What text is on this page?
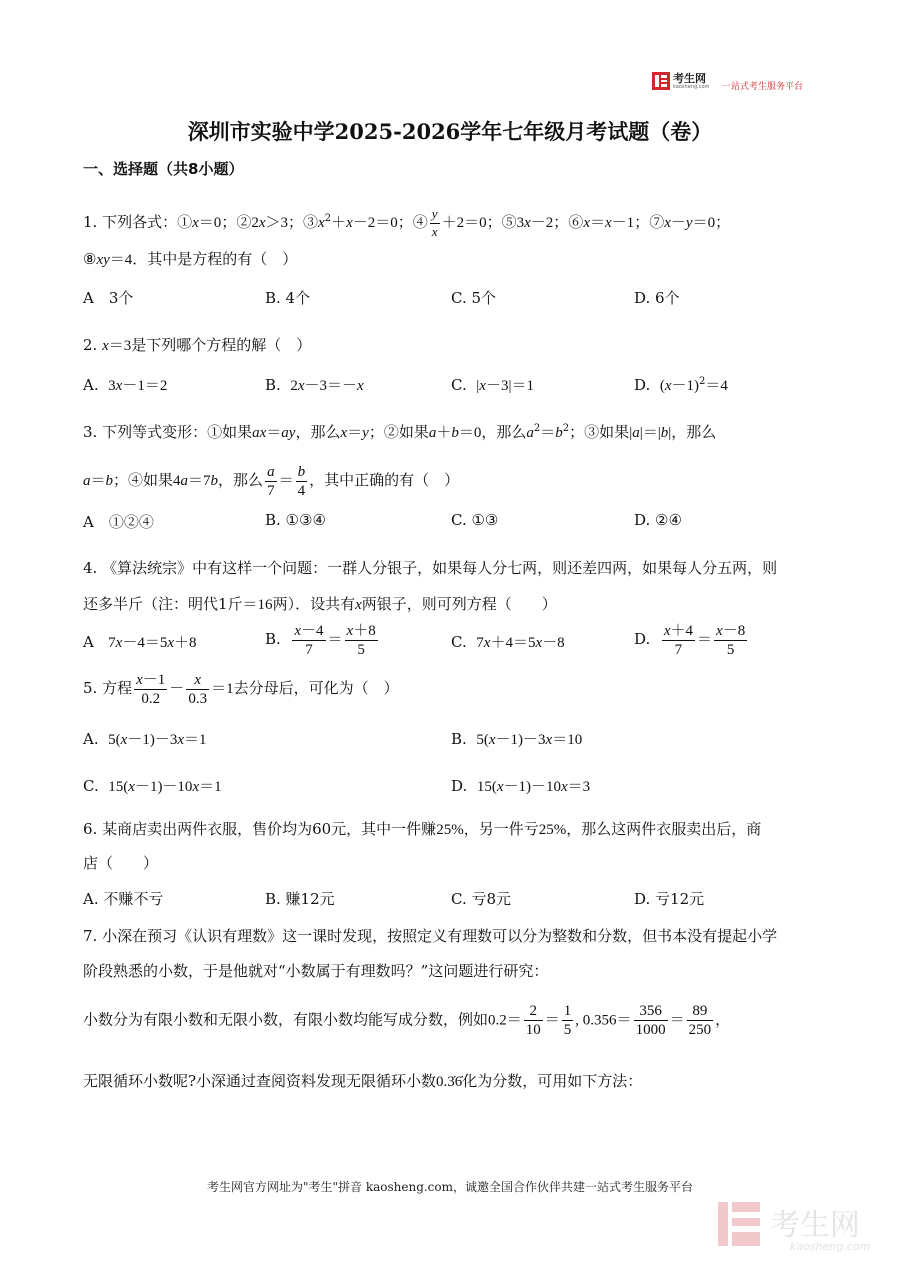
考生网
kaosheng.com 一站式考生服务平台
深圳市实验中学2025-2026学年七年级月考试题（卷）
一、选择题（共8小题）
1. 下列各式：①x＝0；②2x＞3；$③x^2+x-2=0$；④ $\frac{y}{x} +2=0$；⑤3x－2；⑥x＝x－1；⑦x－y＝0；
⑧xy＝4．其中是方程的有（　）
A　3个	B. 4个	C. 5个	D. 6个
2. x＝3是下列哪个方程的解（　）
A. 3x－1＝2	B. 2x－3＝－x	C. |x－3|＝1	D. $(x-1)^2=4$
3. 下列等式变形：①如果ax＝ay，那么x＝y；②如果a＋b＝0，那么$a^2=b^2$；③如果|a|＝|b|，那么
a＝b；④如果4a＝7b，那么 $\frac{a}{7} = \frac{b}{4}$ ，其中正确的有（　）
A　①②④	B. ①③④	C. ①③	D. ②④
4. 《算法统宗》中有这样一个问题：一群人分银子，如果每人分七两，则还差四两，如果每人分五两，则
还多半斤（注：明代1斤＝16两）．设共有x两银子，则可列方程（　　）
A 7x－4＝5x＋8	B. $\frac{x-4}{7} = \frac{x+8}{5}$	C. 7x＋4＝5x－8	D. $\frac{x+4}{7} = \frac{x-8}{5}$
5. 方程 $\frac{x-1}{0.2} - \frac{x}{0.3} =1$去分母后，可化为（　）
A. 5(x－1)－3x＝1	B. 5(x－1)－3x＝10
C. 15(x－1)－10x＝1	D. 15(x－1)－10x＝3
6. 某商店卖出两件衣服，售价均为60元，其中一件赚25%，另一件亏25%，那么这两件衣服卖出后，商
店（　　）
A. 不赚不亏	B. 赚12元	C. 亏8元	D. 亏12元
7. 小深在预习《认识有理数》这一课时发现，按照定义有理数可以分为整数和分数，但书本没有提起小学
阶段熟悉的小数，于是他就对“小数属于有理数吗？”这问题进行研究：
小数分为有限小数和无限小数，有限小数均能写成分数，例如$0.2= \frac{2}{10} = \frac{1}{5}$ , $0.356= \frac{356}{1000} = \frac{89}{250}$ ，
无限循环小数呢?小深通过查阅资料发现无限循环小数0.3̇6̇化为分数，可用如下方法：
考生网官方网址为"考生"拼音 kaosheng.com，诚邀全国合作伙伴共建一站式考生服务平台
考生网
kaosheng.com
